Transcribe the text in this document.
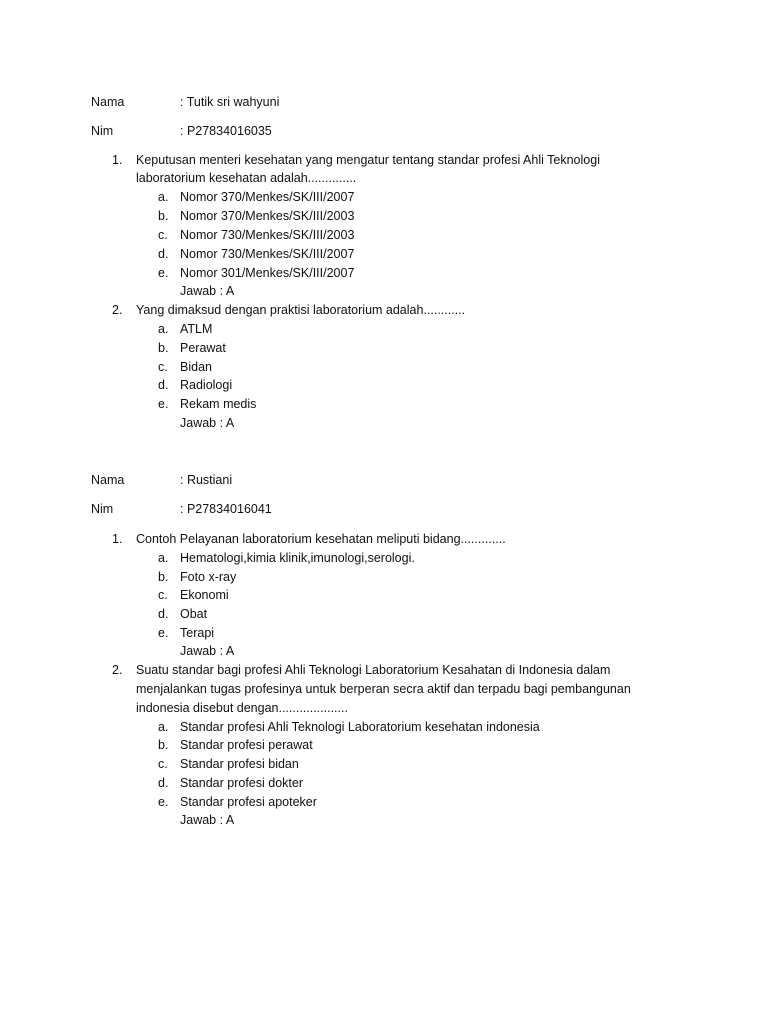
Nama	: Tutik sri wahyuni
Nim	: P27834016035
1. Keputusan menteri kesehatan yang mengatur tentang standar profesi Ahli Teknologi
laboratorium kesehatan adalah..............
a. Nomor 370/Menkes/SK/III/2007
b. Nomor 370/Menkes/SK/III/2003
c. Nomor 730/Menkes/SK/III/2003
d. Nomor 730/Menkes/SK/III/2007
e. Nomor 301/Menkes/SK/III/2007
Jawab : A
2. Yang dimaksud dengan praktisi laboratorium adalah............
a. ATLM
b. Perawat
c. Bidan
d. Radiologi
e. Rekam medis
Jawab : A
Nama	: Rustiani
Nim	: P27834016041
1. Contoh Pelayanan laboratorium kesehatan meliputi bidang.............
a. Hematologi,kimia klinik,imunologi,serologi.
b. Foto x-ray
c. Ekonomi
d. Obat
e. Terapi
Jawab : A
2. Suatu standar bagi profesi Ahli Teknologi Laboratorium Kesahatan di Indonesia dalam
menjalankan tugas profesinya untuk berperan secra aktif dan terpadu bagi pembangunan
indonesia disebut dengan....................
a. Standar profesi Ahli Teknologi Laboratorium kesehatan indonesia
b. Standar profesi perawat
c. Standar profesi bidan
d. Standar profesi dokter
e. Standar profesi apoteker
Jawab : A
